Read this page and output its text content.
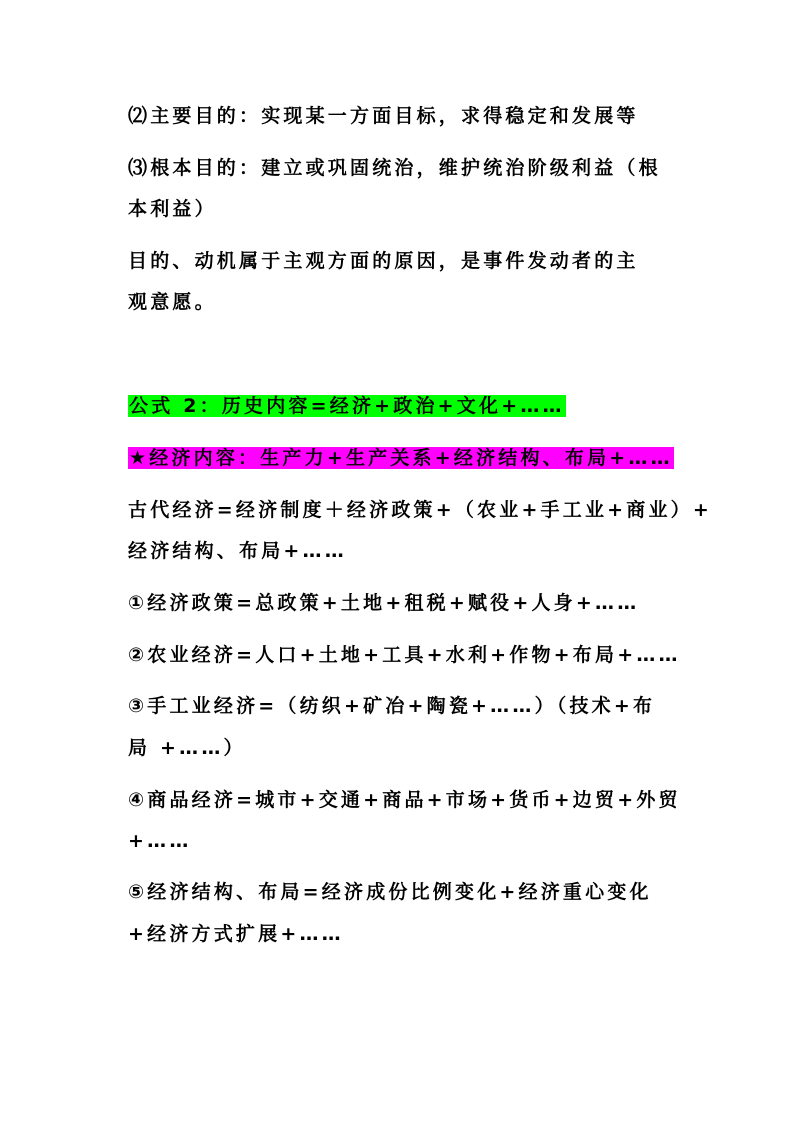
⑵主要目的：实现某一方面目标，求得稳定和发展等
⑶根本目的：建立或巩固统治，维护统治阶级利益（根
本利益）
目的、动机属于主观方面的原因，是事件发动者的主
观意愿。
公式 2：历史内容=经济+政治+文化+……
★经济内容：生产力+生产关系+经济结构、布局+……
古代经济=经济制度＋经济政策+（农业+手工业+商业）+
经济结构、布局+……
①经济政策=总政策+土地+租税+赋役+人身+……
②农业经济=人口+土地+工具+水利+作物+布局+……
③手工业经济=（纺织+矿冶+陶瓷+……）（技术+布
局 +……）
④商品经济=城市+交通+商品+市场+货币+边贸+外贸
+……
⑤经济结构、布局=经济成份比例变化+经济重心变化
+经济方式扩展+……
